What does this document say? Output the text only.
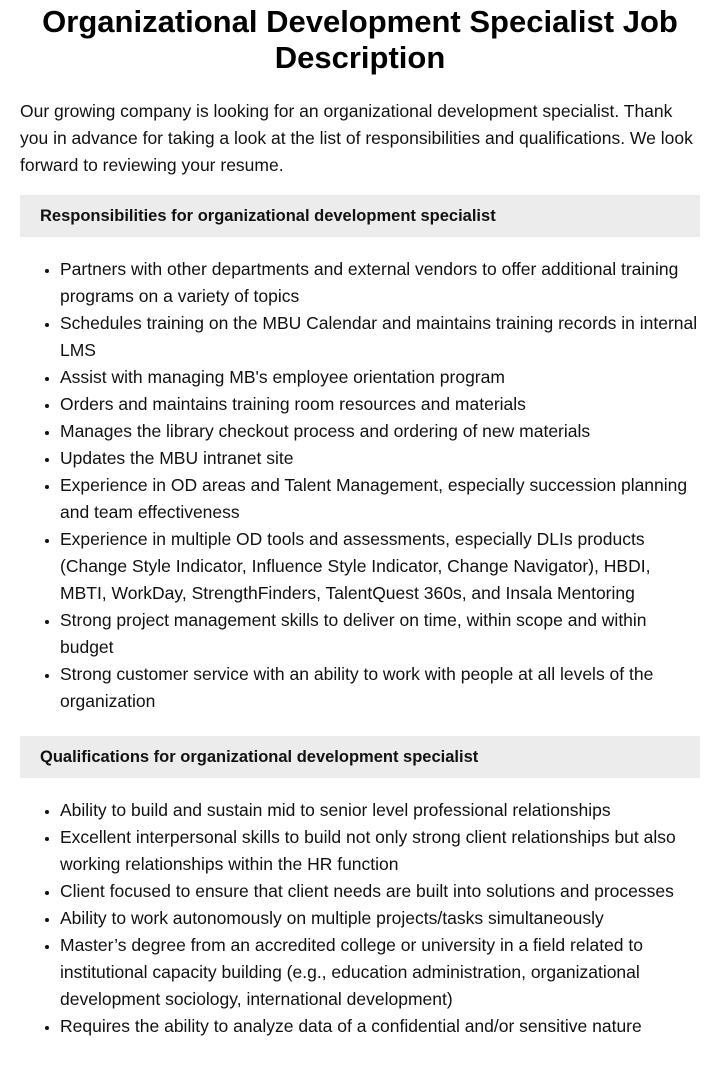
Organizational Development Specialist Job Description

Our growing company is looking for an organizational development specialist. Thank you in advance for taking a look at the list of responsibilities and qualifications. We look forward to reviewing your resume.

Responsibilities for organizational development specialist
• Partners with other departments and external vendors to offer additional training programs on a variety of topics
• Schedules training on the MBU Calendar and maintains training records in internal LMS
• Assist with managing MB's employee orientation program
• Orders and maintains training room resources and materials
• Manages the library checkout process and ordering of new materials
• Updates the MBU intranet site
• Experience in OD areas and Talent Management, especially succession planning and team effectiveness
• Experience in multiple OD tools and assessments, especially DLIs products (Change Style Indicator, Influence Style Indicator, Change Navigator), HBDI, MBTI, WorkDay, StrengthFinders, TalentQuest 360s, and Insala Mentoring
• Strong project management skills to deliver on time, within scope and within budget
• Strong customer service with an ability to work with people at all levels of the organization
Qualifications for organizational development specialist
• Ability to build and sustain mid to senior level professional relationships
• Excellent interpersonal skills to build not only strong client relationships but also working relationships within the HR function
• Client focused to ensure that client needs are built into solutions and processes
• Ability to work autonomously on multiple projects/tasks simultaneously
• Master’s degree from an accredited college or university in a field related to institutional capacity building (e.g., education administration, organizational development sociology, international development)
• Requires the ability to analyze data of a confidential and/or sensitive nature
